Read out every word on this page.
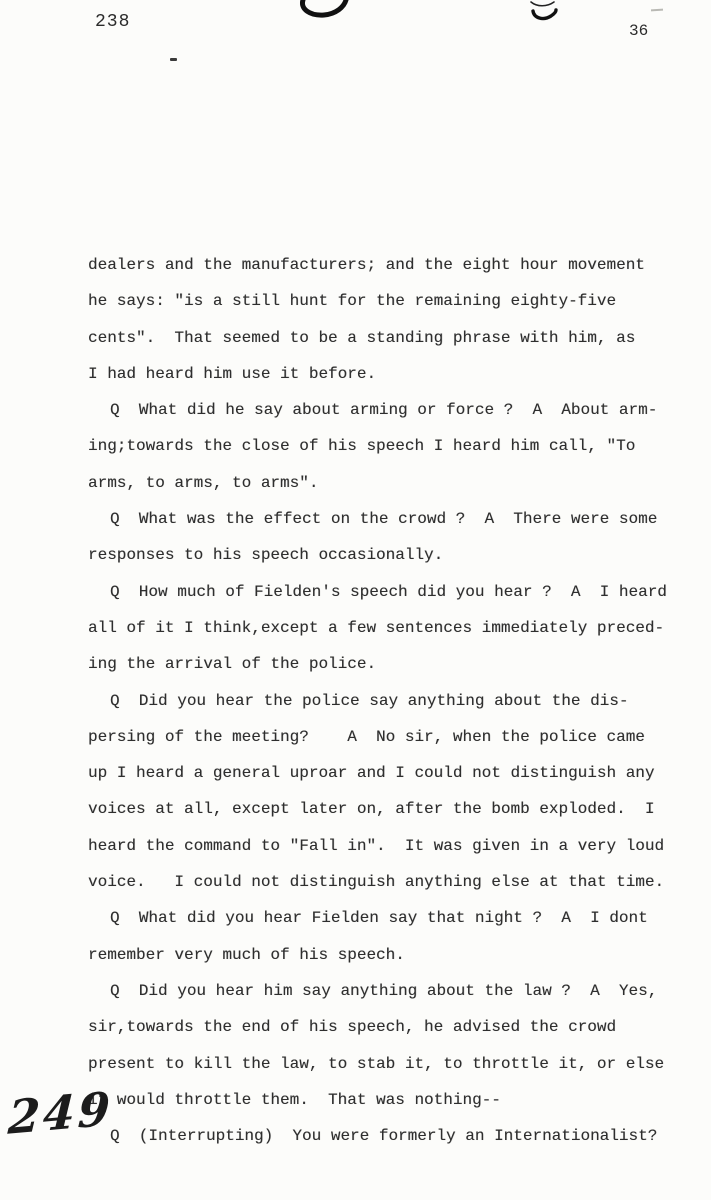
238	36
dealers and the manufacturers; and the eight hour movement
he says: "is a still hunt for the remaining eighty-five
cents".  That seemed to be a standing phrase with him, as
I had heard him use it before.
Q  What did he say about arming or force ?  A  About arm-
ing;towards the close of his speech I heard him call, "To
arms, to arms, to arms".
Q  What was the effect on the crowd ?  A  There were some
responses to his speech occasionally.
Q  How much of Fielden's speech did you hear ?  A  I heard
all of it I think,except a few sentences immediately preced-
ing the arrival of the police.
Q  Did you hear the police say anything about the dis-
persing of the meeting?    A  No sir, when the police came
up I heard a general uproar and I could not distinguish any
voices at all, except later on, after the bomb exploded.  I
heard the command to "Fall in".  It was given in a very loud
voice.   I could not distinguish anything else at that time.
Q  What did you hear Fielden say that night ?  A  I dont
remember very much of his speech.
Q  Did you hear him say anything about the law ?  A  Yes,
sir,towards the end of his speech, he advised the crowd
present to kill the law, to stab it, to throttle it, or else
it would throttle them.  That was nothing--
Q  (Interrupting)  You were formerly an Internationalist?
249
